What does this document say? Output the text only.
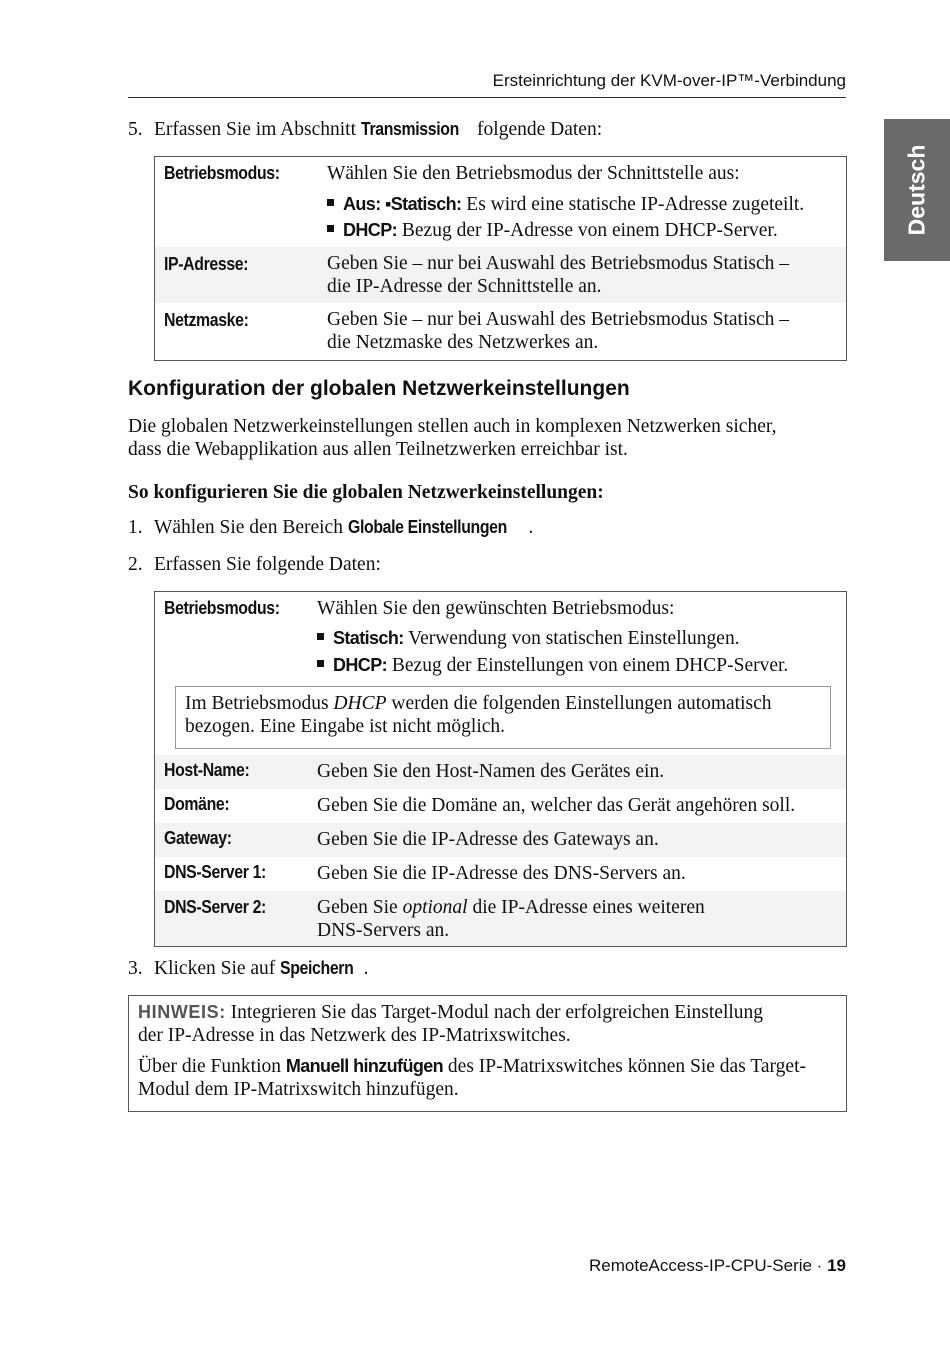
Ersteinrichtung der KVM-over-IP™-Verbindung
Deutsch
5. Erfassen Sie im Abschnitt Transmission folgende Daten:
Betriebsmodus: Wählen Sie den Betriebsmodus der Schnittstelle aus:
Aus: ▪Statisch: Es wird eine statische IP-Adresse zugeteilt.
DHCP: Bezug der IP-Adresse von einem DHCP-Server.
IP-Adresse:	Geben Sie – nur bei Auswahl des Betriebsmodus Statisch –
die IP-Adresse der Schnittstelle an.
Netzmaske:	Geben Sie – nur bei Auswahl des Betriebsmodus Statisch –
die Netzmaske des Netzwerkes an.
Konfiguration der globalen Netzwerkeinstellungen
Die globalen Netzwerkeinstellungen stellen auch in komplexen Netzwerken sicher,
dass die Webapplikation aus allen Teilnetzwerken erreichbar ist.
So konfigurieren Sie die globalen Netzwerkeinstellungen:
1. Wählen Sie den Bereich Globale Einstellungen .
2. Erfassen Sie folgende Daten:
Betriebsmodus: Wählen Sie den gewünschten Betriebsmodus:
Statisch: Verwendung von statischen Einstellungen.
DHCP: Bezug der Einstellungen von einem DHCP-Server.
Im Betriebsmodus DHCP werden die folgenden Einstellungen automatisch
bezogen. Eine Eingabe ist nicht möglich.
Host-Name:	Geben Sie den Host-Namen des Gerätes ein.
Domäne:	Geben Sie die Domäne an, welcher das Gerät angehören soll.
Gateway:	Geben Sie die IP-Adresse des Gateways an.
DNS-Server 1:	Geben Sie die IP-Adresse des DNS-Servers an.
DNS-Server 2:	Geben Sie optional die IP-Adresse eines weiteren
DNS-Servers an.
3. Klicken Sie auf Speichern .
HINWEIS: Integrieren Sie das Target-Modul nach der erfolgreichen Einstellung
der IP-Adresse in das Netzwerk des IP-Matrixswitches.
Über die Funktion Manuell hinzufügen des IP-Matrixswitches können Sie das Target-
Modul dem IP-Matrixswitch hinzufügen.
RemoteAccess-IP-CPU-Serie · 19
